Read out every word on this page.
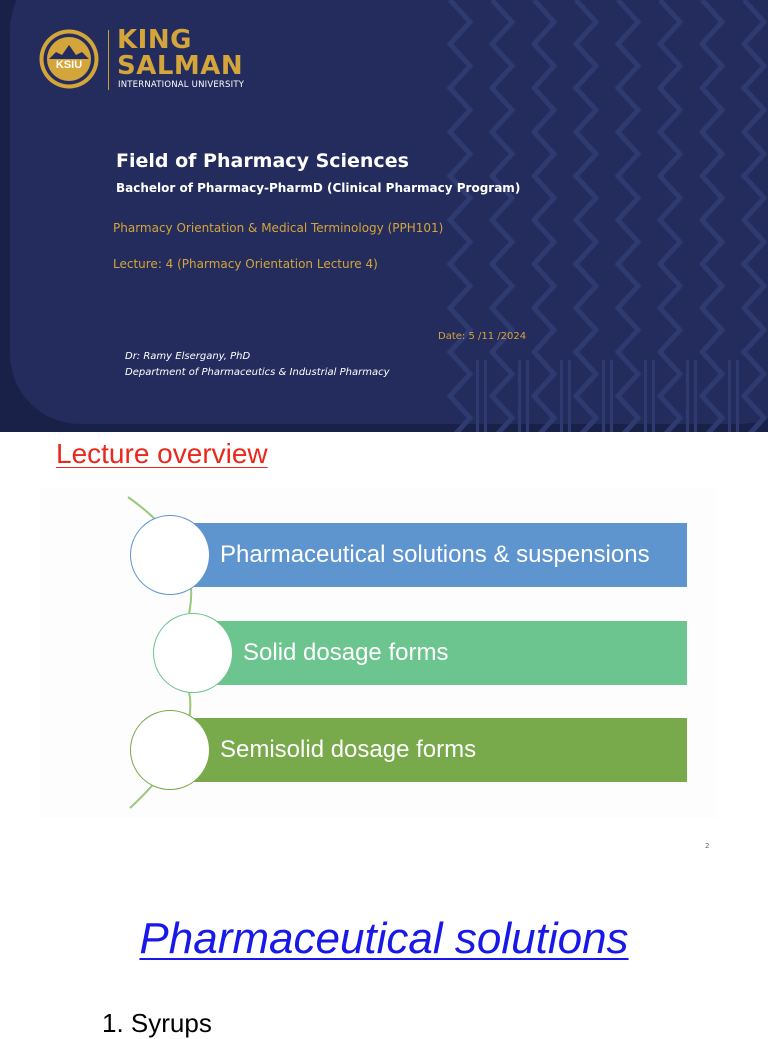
KSIU
KING
SALMAN
INTERNATIONAL UNIVERSITY
Field of Pharmacy Sciences
Bachelor of Pharmacy-PharmD (Clinical Pharmacy Program)
Pharmacy Orientation & Medical Terminology (PPH101)
Lecture: 4 (Pharmacy Orientation Lecture 4)
Date: 5 /11 /2024
Dr: Ramy Elsergany, PhD
Department of Pharmaceutics & Industrial Pharmacy
Lecture overview
Pharmaceutical solutions & suspensions
Solid dosage forms
Semisolid dosage forms
2
Pharmaceutical solutions
1. Syrups
